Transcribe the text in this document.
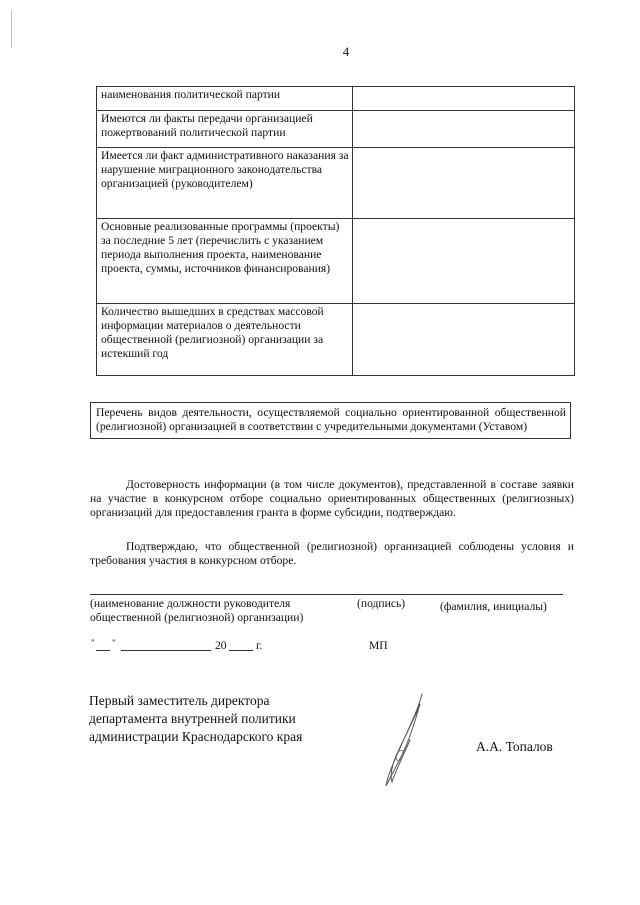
4
наименования политической партии	
Имеются ли факты передачи организацией пожертвований политической партии	
Имеется ли факт административного наказания за нарушение миграционного законодательства организацией (руководителем)	
Основные реализованные программы (проекты) за последние 5 лет (перечислить с указанием периода выполнения проекта, наименование проекта, суммы, источников финансирования)	
Количество вышедших в средствах массовой информации материалов о деятельности общественной (религиозной) организации за истекший год	
Перечень видов деятельности, осуществляемой социально ориентированной общественной (религиозной) организацией в соответствии с учредительными документами (Уставом)

Достоверность информации (в том числе документов), представленной в составе заявки на участие в конкурсном отборе социально ориентированных общественных (религиозных) организаций для предоставления гранта в форме субсидии, подтверждаю.

Подтверждаю, что общественной (религиозной) организацией соблюдены условия и требования участия в конкурсном отборе.

(наименование должности руководителя
общественной (религиозной) организации)
(подпись)	(фамилия, инициалы)
" "	20	г.	МП
Первый заместитель директора
департамента внутренней политики
администрации Краснодарского края
А.А. Топалов
